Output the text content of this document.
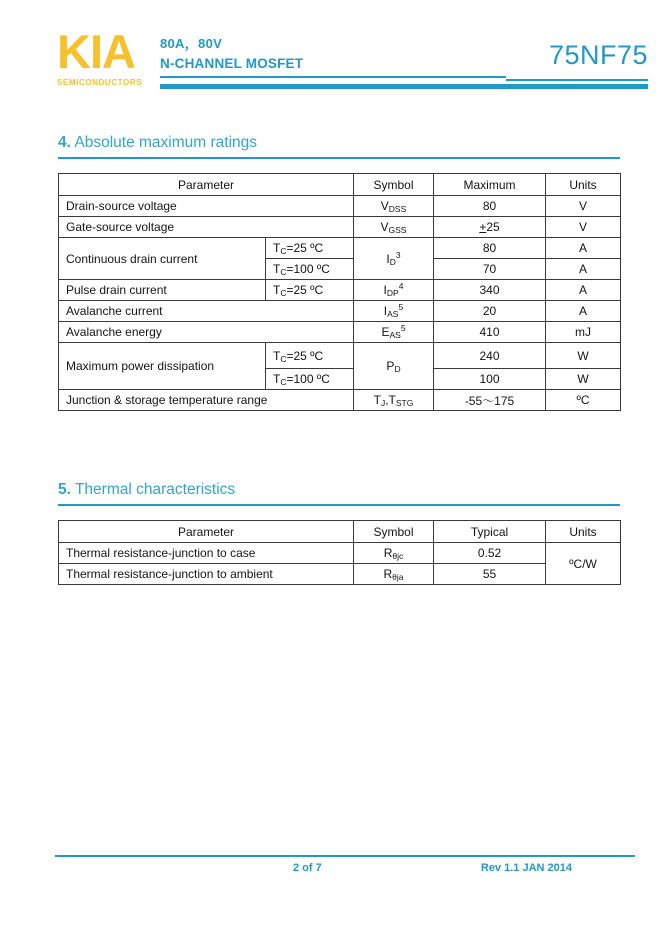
KIA
SEMICONDUCTORS
80A，80V
N-CHANNEL MOSFET	75NF75
4. Absolute maximum ratings
Parameter		Symbol	Maximum	Units
Drain-source voltage		$V_{DSS}$	80	V
Gate-source voltage		$V_{GSS}$	+25	V
Continuous drain current	$T_C=25$ ºC	$I_D^3$	80	A
	$T_C=100$ ºC		70	A
Pulse drain current	$T_C=25$ ºC	$I_{DP}^4$	340	A
Avalanche current		$I_{AS}^5$	20	A
Avalanche energy		$E_{AS}^5$	410	mJ
Maximum power dissipation	$T_C=25$ ºC	$P_D$	240	W
	$T_C=100$ ºC		100	W
Junction & storage temperature range		$T_J,T_{STG}$	-55～175	ºC
5. Thermal characteristics
Parameter	Symbol	Typical	Units
Thermal resistance-junction to case	$R_{\theta jc}$	0.52	ºC/W
Thermal resistance-junction to ambient	$R_{\theta ja}$	55	
2 of 7	Rev 1.1 JAN 2014
